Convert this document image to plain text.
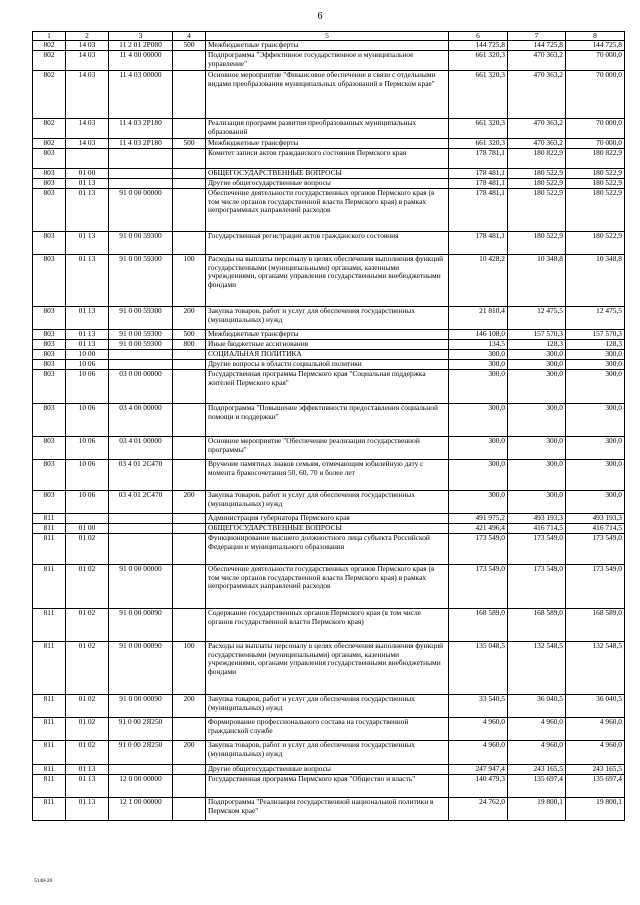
6
1	2	3	4	5	6	7	8
802	14 03	11 2 01 2P080	500	Межбюджетные трансферты	144 725,8	144 725,8	144 725,8
802	14 03	11 4 00 00000		Подпрограмма "Эффективное государственное и муниципальное управление"	661 320,3	470 363,2	70 000,0
802	14 03	11 4 03 00000		Основное мероприятие "Финансовое обеспечение в связи с отдельными видами преобразования муниципальных образований в Пермском крае"	661 320,3	470 363,2	70 000,0
802	14 03	11 4 03 2P180		Реализация программ развития преобразованных муниципальных образований	661 320,3	470 363,2	70 000,0
802	14 03	11 4 03 2P180	500	Межбюджетные трансферты	661 320,3	470 363,2	70 000,0
803				Комитет записи актов гражданского состояния Пермского края	178 781,1	180 822,9	180 822,9
803	01 00			ОБЩЕГОСУДАРСТВЕННЫЕ ВОПРОСЫ	178 481,1	180 522,9	180 522,9
803	01 13			Другие общегосударственные вопросы	178 481,1	180 522,9	180 522,9
803	01 13	91 0 00 00000		Обеспечение деятельности государственных органов Пермского края (в том числе органов государственной власти Пермского края) в рамках непрограммных направлений расходов	178 481,1	180 522,9	180 522,9
803	01 13	91 0 00 59300		Государственная регистрация актов гражданского состояния	178 481,1	180 522,9	180 522,9
803	01 13	91 0 00 59300	100	Расходы на выплаты персоналу в целях обеспечения выполнения функций государственными (муниципальными) органами, казенными учреждениями, органами управления государственными внебюджетными фондами	10 428,2	10 348,8	10 348,8
803	01 13	91 0 00 59300	200	Закупка товаров, работ и услуг для обеспечения государственных (муниципальных) нужд	21 810,4	12 475,5	12 475,5
803	01 13	91 0 00 59300	500	Межбюджетные трансферты	146 108,0	157 570,3	157 570,3
803	01 13	91 0 00 59300	800	Иные бюджетные ассигнования	134,5	128,3	128,3
803	10 00			СОЦИАЛЬНАЯ ПОЛИТИКА	300,0	300,0	300,0
803	10 06			Другие вопросы в области социальной политики	300,0	300,0	300,0
803	10 06	03 0 00 00000		Государственная программа Пермского края "Социальная поддержка жителей Пермского края"	300,0	300,0	300,0
803	10 06	03 4 00 00000		Подпрограмма "Повышение эффективности предоставления социальной помощи и поддержки"	300,0	300,0	300,0
803	10 06	03 4 01 00000		Основное мероприятие "Обеспечение реализации государственной программы"	300,0	300,0	300,0
803	10 06	03 4 01 2C470		Вручение памятных знаков семьям, отмечающим юбилейную дату с момента бракосочетания 50, 60, 70 и более лет	300,0	300,0	300,0
803	10 06	03 4 01 2C470	200	Закупка товаров, работ и услуг для обеспечения государственных (муниципальных) нужд	300,0	300,0	300,0
811				Администрация губернатора Пермского края	491 975,2	493 193,3	493 193,3
811	01 00			ОБЩЕГОСУДАРСТВЕННЫЕ ВОПРОСЫ	421 496,4	416 714,5	416 714,5
811	01 02			Функционирование высшего должностного лица субъекта Российской Федерации и муниципального образования	173 549,0	173 549,0	173 549,0
811	01 02	91 0 00 00000		Обеспечение деятельности государственных органов Пермского края (в том числе органов государственной власти Пермского края) в рамках непрограммных направлений расходов	173 549,0	173 549,0	173 549,0
811	01 02	91 0 00 00090		Содержание государственных органов Пермского края (в том числе органов государственной власти Пермского края)	168 589,0	168 589,0	168 589,0
811	01 02	91 0 00 00090	100	Расходы на выплаты персоналу в целях обеспечения выполнения функций государственными (муниципальными) органами, казенными учреждениями, органами управления государственными внебюджетными фондами	135 048,5	132 548,5	132 548,5
811	01 02	91 0 00 00090	200	Закупка товаров, работ и услуг для обеспечения государственных (муниципальных) нужд	33 540,5	36 040,5	36 040,5
811	01 02	91 0 00 2Я250		Формирование профессионального состава на государственной гражданской службе	4 960,0	4 960,0	4 960,0
811	01 02	91 0 00 2Я250	200	Закупка товаров, работ и услуг для обеспечения государственных (муниципальных) нужд	4 960,0	4 960,0	4 960,0
811	01 13			Другие общегосударственные вопросы	247 947,4	243 165,5	243 165,5
811	01 13	12 0 00 00000		Государственная программа Пермского края "Общество и власть"	140 479,3	135 697,4	135 697,4
811	01 13	12 1 00 00000		Подпрограмма "Реализация государственной национальной политики в Пермском крае"	24 762,0	19 800,1	19 800,1
5148-20
